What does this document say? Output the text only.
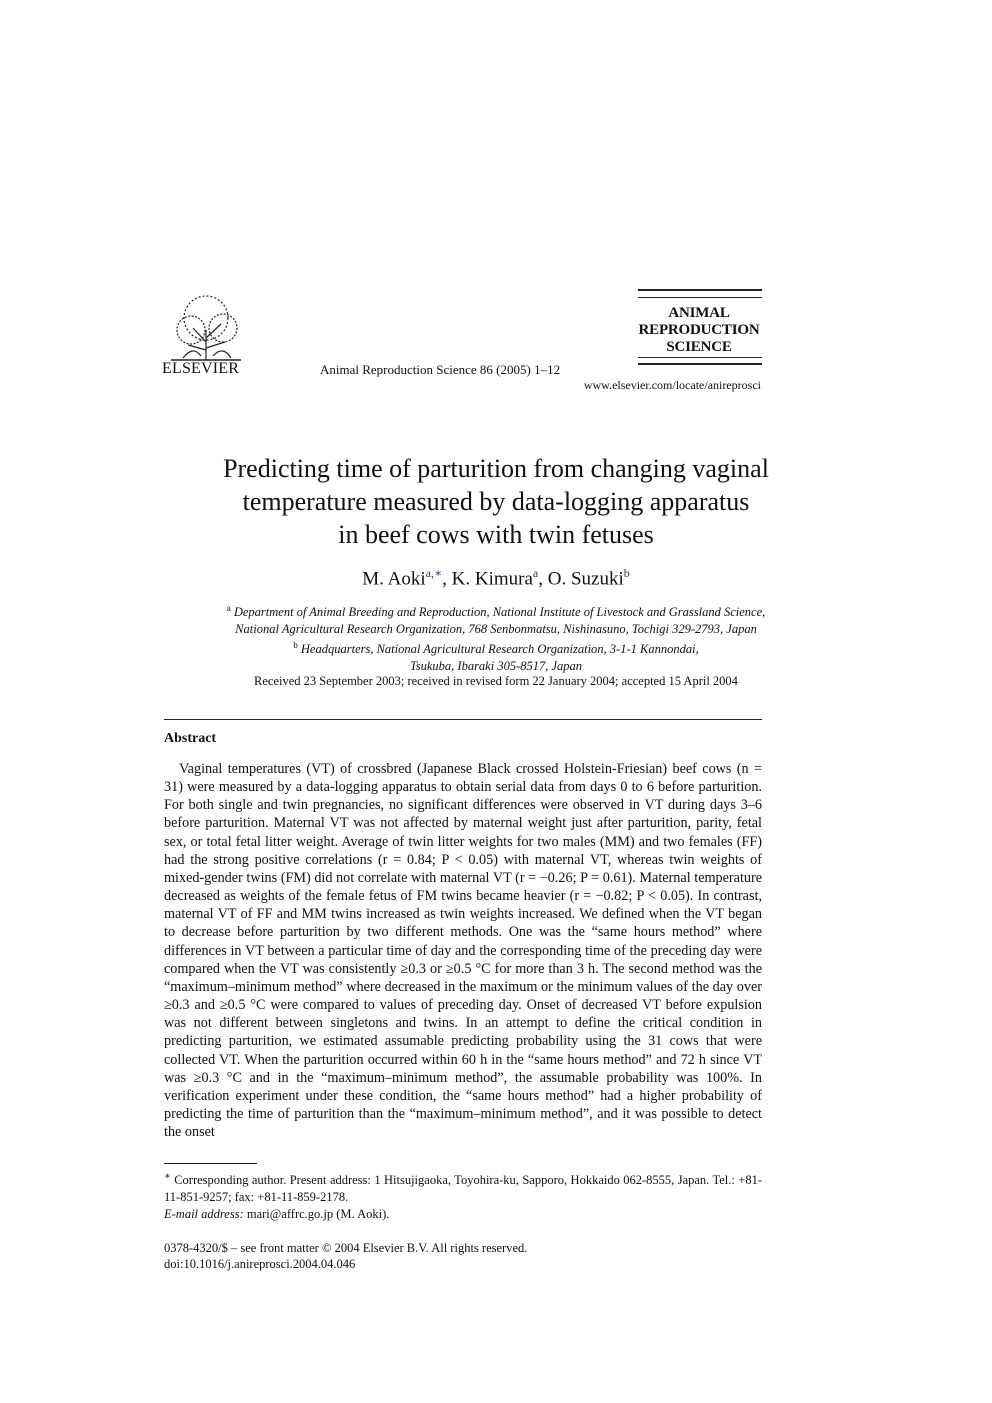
ELSEVIER	Animal Reproduction Science 86 (2005) 1–12
ANIMAL
REPRODUCTION
SCIENCE
www.elsevier.com/locate/anireprosci
Predicting time of parturition from changing vaginal
temperature measured by data-logging apparatus
in beef cows with twin fetuses
M. Aoki$^{a,∗}$, K. Kimura$^a$, O. Suzuki$^b$
$^a$ Department of Animal Breeding and Reproduction, National Institute of Livestock and Grassland Science,
National Agricultural Research Organization, 768 Senbonmatsu, Nishinasuno, Tochigi 329-2793, Japan
$^b$ Headquarters, National Agricultural Research Organization, 3-1-1 Kannondai,
Tsukuba, Ibaraki 305-8517, Japan
Received 23 September 2003; received in revised form 22 January 2004; accepted 15 April 2004
Abstract
Vaginal temperatures (VT) of crossbred (Japanese Black crossed Holstein-Friesian) beef cows (n = 31) were measured by a data-logging apparatus to obtain serial data from days 0 to 6 before parturition. For both single and twin pregnancies, no significant differences were observed in VT during days 3–6 before parturition. Maternal VT was not affected by maternal weight just after parturition, parity, fetal sex, or total fetal litter weight. Average of twin litter weights for two males (MM) and two females (FF) had the strong positive correlations (r = 0.84; P < 0.05) with maternal VT, whereas twin weights of mixed-gender twins (FM) did not correlate with maternal VT (r = −0.26; P = 0.61). Maternal temperature decreased as weights of the female fetus of FM twins became heavier (r = −0.82; P < 0.05). In contrast, maternal VT of FF and MM twins increased as twin weights increased. We defined when the VT began to decrease before parturition by two different methods. One was the “same hours method” where differences in VT between a particular time of day and the corresponding time of the preceding day were compared when the VT was consistently ≥0.3 or ≥0.5 °C for more than 3 h. The second method was the “maximum–minimum method” where decreased in the maximum or the minimum values of the day over ≥0.3 and ≥0.5 °C were compared to values of preceding day. Onset of decreased VT before expulsion was not different between singletons and twins. In an attempt to define the critical condition in predicting parturition, we estimated assumable predicting probability using the 31 cows that were collected VT. When the parturition occurred within 60 h in the “same hours method” and 72 h since VT was ≥0.3 °C and in the “maximum–minimum method”, the assumable probability was 100%. In verification experiment under these condition, the “same hours method” had a higher probability of predicting the time of parturition than the “maximum–minimum method”, and it was possible to detect the onset
∗ Corresponding author. Present address: 1 Hitsujigaoka, Toyohira-ku, Sapporo, Hokkaido 062-8555, Japan. Tel.: +81-11-851-9257; fax: +81-11-859-2178.
E-mail address: mari@affrc.go.jp (M. Aoki).
0378-4320/$ – see front matter © 2004 Elsevier B.V. All rights reserved.
doi:10.1016/j.anireprosci.2004.04.046
